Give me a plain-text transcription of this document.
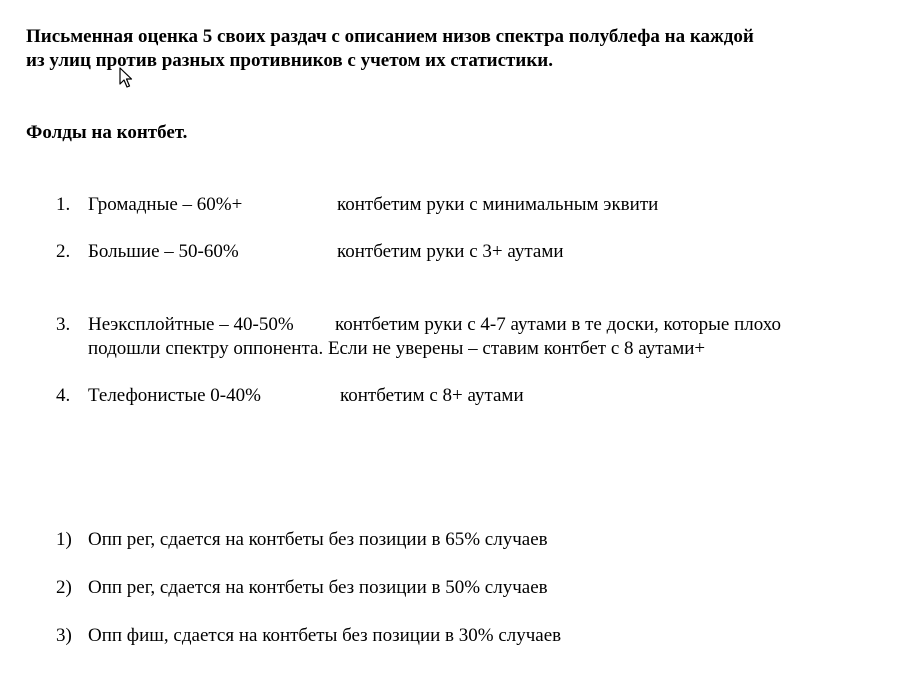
Письменная оценка 5 своих раздач с описанием низов спектра полублефа на каждой
из улиц против разных противников с учетом их статистики.
Фолды на контбет.
1. Громадные – 60%+	контбетим руки с минимальным эквити
2. Большие – 50-60%	контбетим руки с 3+ аутами
3. Неэксплойтные – 40-50% контбетим руки с 4-7 аутами в те доски, которые плохо
подошли спектру оппонента. Если не уверены – ставим контбет с 8 аутами+
4. Телефонистые 0-40%	контбетим с 8+ аутами
1) Опп рег, сдается на контбеты без позиции в 65% случаев
2) Опп рег, сдается на контбеты без позиции в 50% случаев
3) Опп фиш, сдается на контбеты без позиции в 30% случаев
